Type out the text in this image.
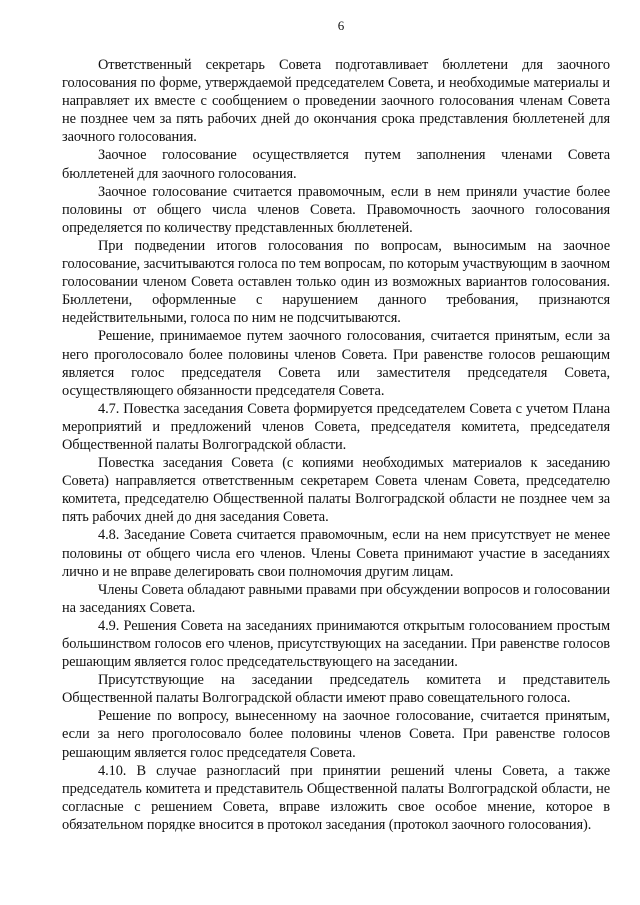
6

Ответственный секретарь Совета подготавливает бюллетени для заочного голосования по форме, утверждаемой председателем Совета, и необходимые материалы и направляет их вместе с сообщением о проведении заочного голосования членам Совета не позднее чем за пять рабочих дней до окончания срока представления бюллетеней для заочного голосования.

Заочное голосование осуществляется путем заполнения членами Совета бюллетеней для заочного голосования.

Заочное голосование считается правомочным, если в нем приняли участие более половины от общего числа членов Совета. Правомочность заочного голосования определяется по количеству представленных бюллетеней.

При подведении итогов голосования по вопросам, выносимым на заочное голосование, засчитываются голоса по тем вопросам, по которым участвующим в заочном голосовании членом Совета оставлен только один из возможных вариантов голосования. Бюллетени, оформленные с нарушением данного требования, признаются недействительными, голоса по ним не подсчитываются.

Решение, принимаемое путем заочного голосования, считается принятым, если за него проголосовало более половины членов Совета. При равенстве голосов решающим является голос председателя Совета или заместителя председателя Совета, осуществляющего обязанности председателя Совета.

4.7. Повестка заседания Совета формируется председателем Совета с учетом Плана мероприятий и предложений членов Совета, председателя комитета, председателя Общественной палаты Волгоградской области.

Повестка заседания Совета (с копиями необходимых материалов к заседанию Совета) направляется ответственным секретарем Совета членам Совета, председателю комитета, председателю Общественной палаты Волгоградской области не позднее чем за пять рабочих дней до дня заседания Совета.

4.8. Заседание Совета считается правомочным, если на нем присутствует не менее половины от общего числа его членов. Члены Совета принимают участие в заседаниях лично и не вправе делегировать свои полномочия другим лицам.

Члены Совета обладают равными правами при обсуждении вопросов и голосовании на заседаниях Совета.

4.9. Решения Совета на заседаниях принимаются открытым голосованием простым большинством голосов его членов, присутствующих на заседании. При равенстве голосов решающим является голос председательствующего на заседании.

Присутствующие на заседании председатель комитета и представитель Общественной палаты Волгоградской области имеют право совещательного голоса.

Решение по вопросу, вынесенному на заочное голосование, считается принятым, если за него проголосовало более половины членов Совета. При равенстве голосов решающим является голос председателя Совета.

4.10. В случае разногласий при принятии решений члены Совета, а также председатель комитета и представитель Общественной палаты Волгоградской области, не согласные с решением Совета, вправе изложить свое особое мнение, которое в обязательном порядке вносится в протокол заседания (протокол заочного голосования).
